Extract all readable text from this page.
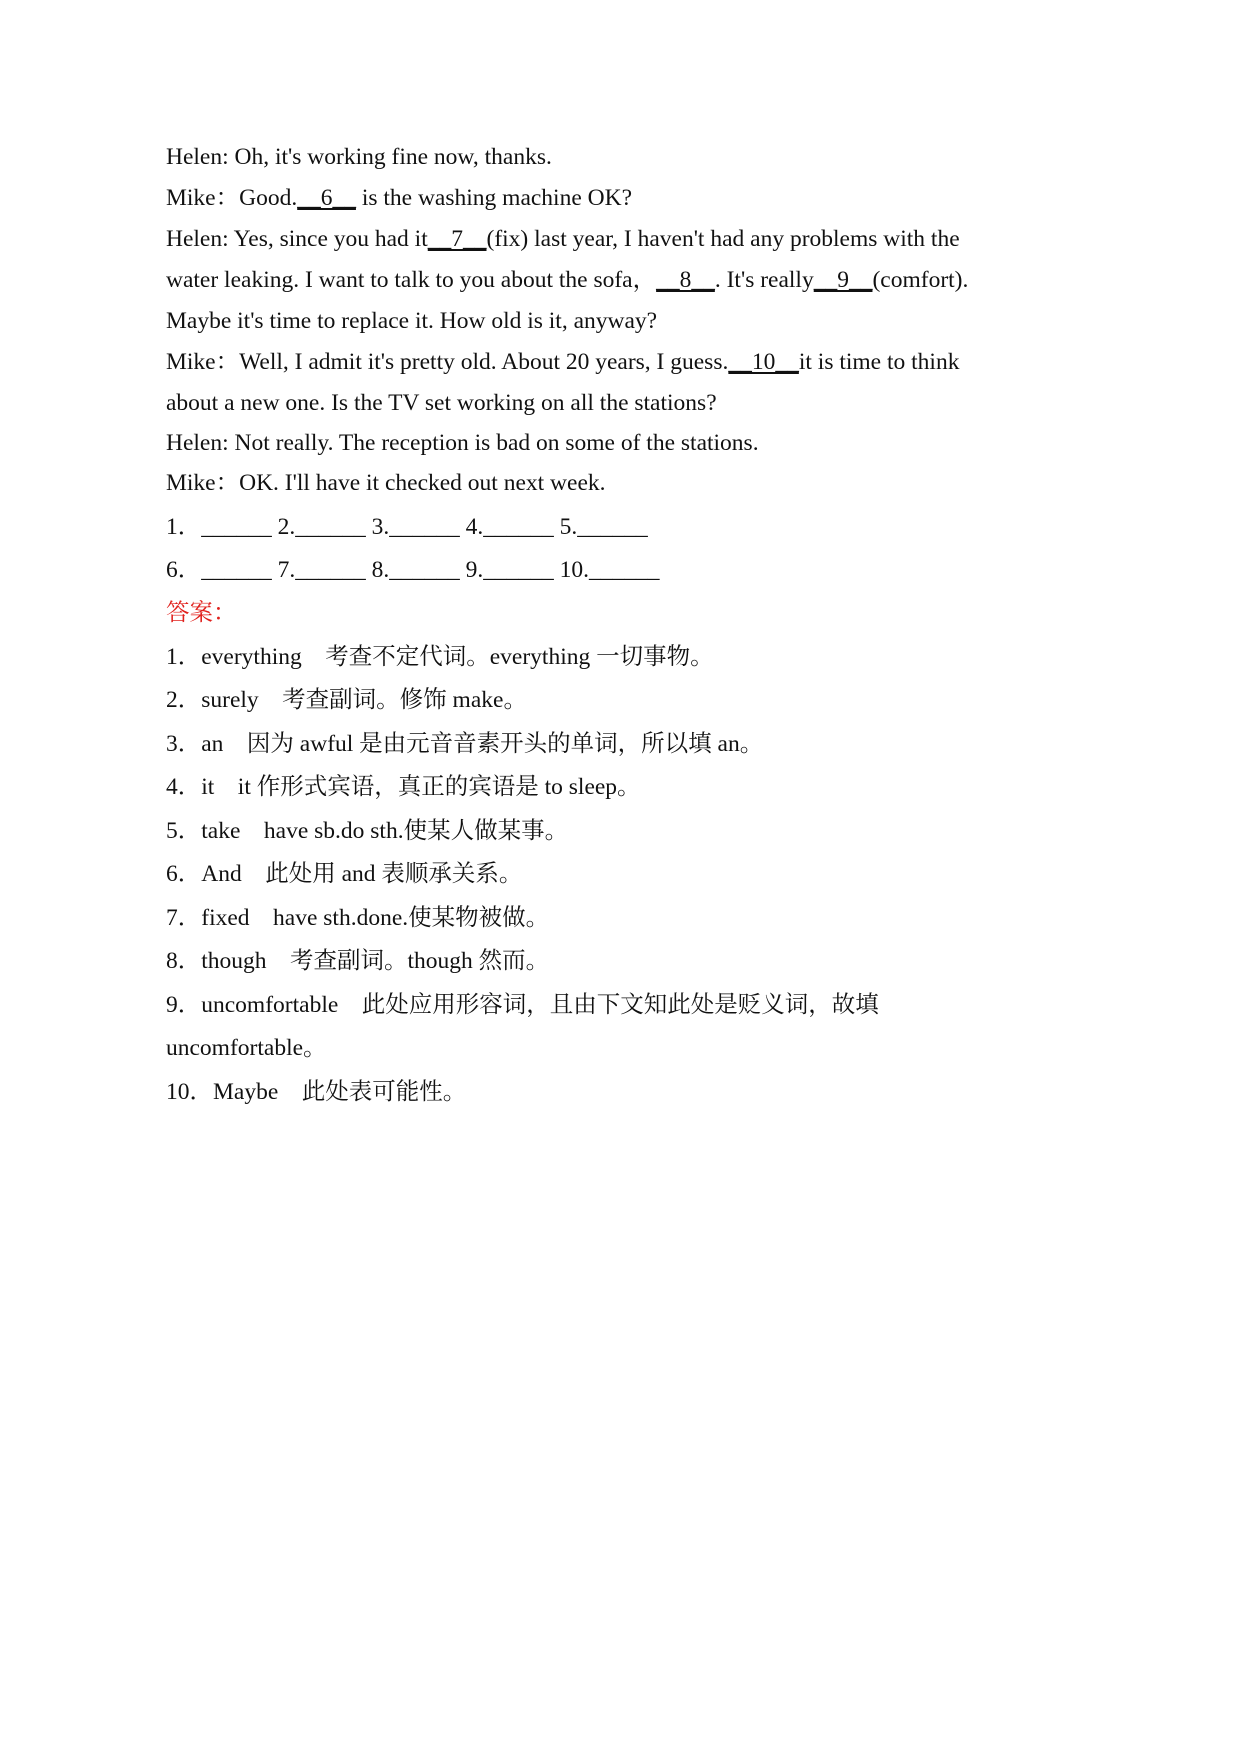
Helen: Oh, it's working fine now, thanks.
Mike：Good.__6__ is the washing machine OK?
Helen: Yes, since you had it__7__(fix) last year, I haven't had any problems with the
water leaking. I want to talk to you about the sofa，__8__. It's really__9__(comfort).
Maybe it's time to replace it. How old is it, anyway?
Mike：Well, I admit it's pretty old. About 20 years, I guess.__10__it is time to think
about a new one. Is the TV set working on all the stations?
Helen: Not really. The reception is bad on some of the stations.
Mike：OK. I'll have it checked out next week.
1．______ 2.______ 3.______ 4.______ 5.______
6．______ 7.______ 8.______ 9.______ 10.______
答案：
1．everything　考查不定代词。everything 一切事物。
2．surely　考查副词。修饰 make。
3．an　因为 awful 是由元音音素开头的单词，所以填 an。
4．it　it 作形式宾语，真正的宾语是 to sleep。
5．take　have sb.do sth.使某人做某事。
6．And　此处用 and 表顺承关系。
7．fixed　have sth.done.使某物被做。
8．though　考查副词。though 然而。
9．uncomfortable　此处应用形容词，且由下文知此处是贬义词，故填
uncomfortable。
10．Maybe　此处表可能性。
